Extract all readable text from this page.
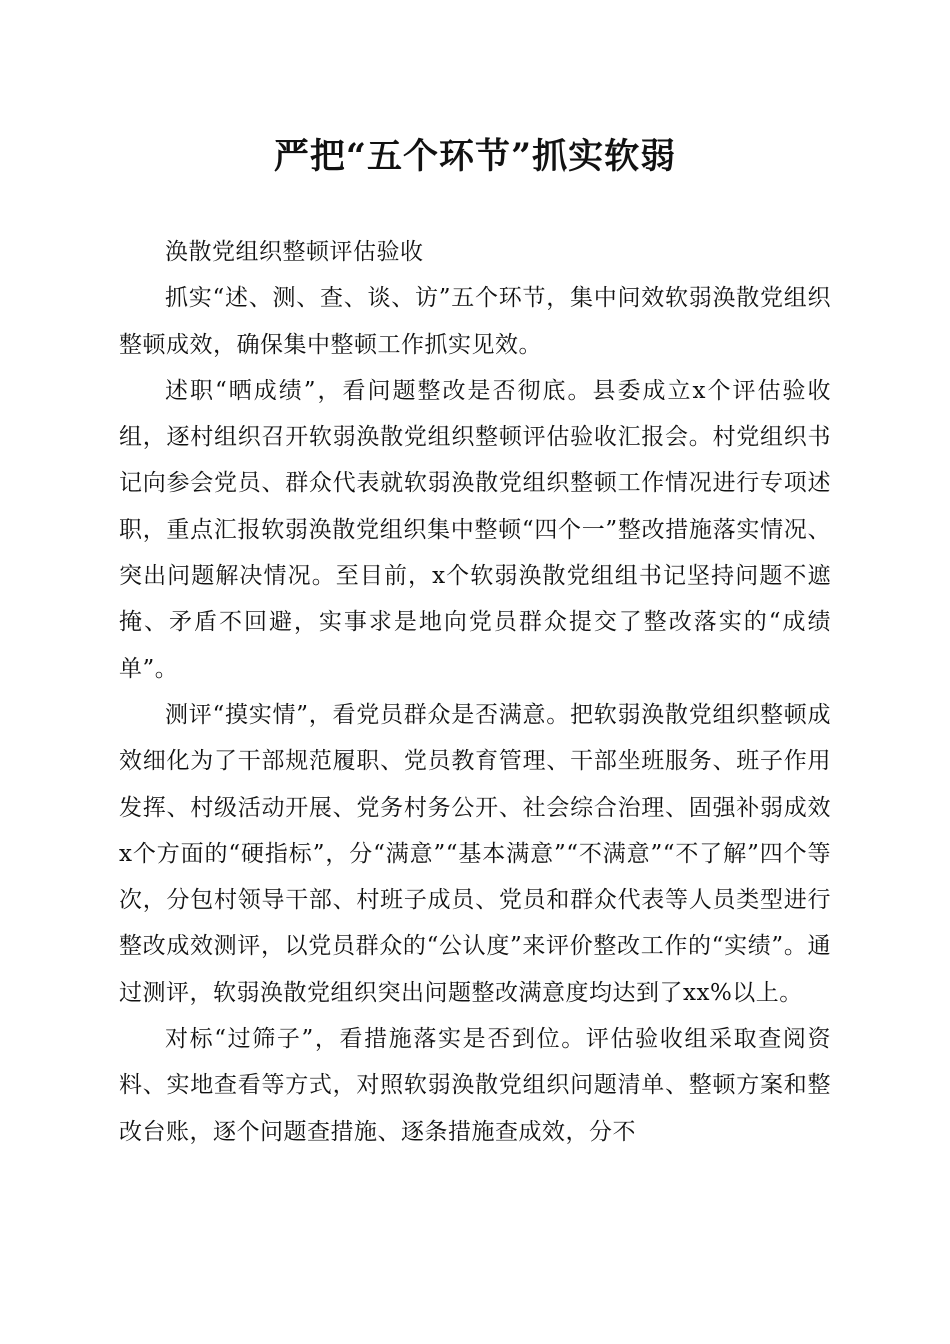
严把“五个环节”抓实软弱

涣散党组织整顿评估验收

抓实“述、测、查、谈、访”五个环节，集中问效软弱涣散党组织整顿成效，确保集中整顿工作抓实见效。

述职“晒成绩”，看问题整改是否彻底。县委成立x个评估验收组，逐村组织召开软弱涣散党组织整顿评估验收汇报会。村党组织书记向参会党员、群众代表就软弱涣散党组织整顿工作情况进行专项述职，重点汇报软弱涣散党组织集中整顿“四个一”整改措施落实情况、突出问题解决情况。至目前，x个软弱涣散党组组书记坚持问题不遮掩、矛盾不回避，实事求是地向党员群众提交了整改落实的“成绩单”。

测评“摸实情”，看党员群众是否满意。把软弱涣散党组织整顿成效细化为了干部规范履职、党员教育管理、干部坐班服务、班子作用发挥、村级活动开展、党务村务公开、社会综合治理、固强补弱成效x个方面的“硬指标”，分“满意”“基本满意”“不满意”“不了解”四个等次，分包村领导干部、村班子成员、党员和群众代表等人员类型进行整改成效测评，以党员群众的“公认度”来评价整改工作的“实绩”。通过测评，软弱涣散党组织突出问题整改满意度均达到了xx%以上。

对标“过筛子”，看措施落实是否到位。评估验收组采取查阅资料、实地查看等方式，对照软弱涣散党组织问题清单、整顿方案和整改台账，逐个问题查措施、逐条措施查成效，分不
